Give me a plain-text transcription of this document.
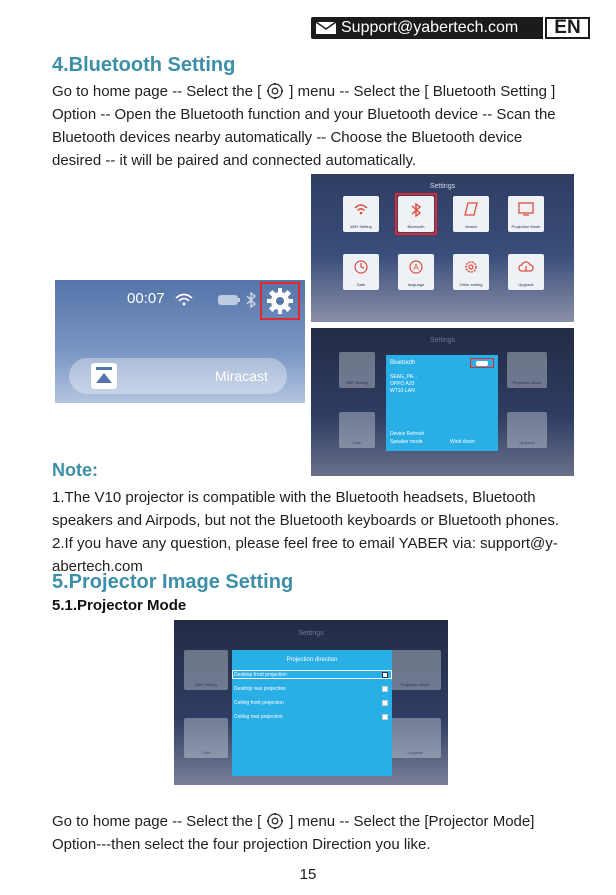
Support@yabertech.com	EN
4.Bluetooth Setting
Go to home page -- Select the [ ] menu -- Select the [ Bluetooth Setting ]
Option -- Open the Bluetooth function and your Bluetooth device -- Scan the
Bluetooth devices nearby automatically -- Choose the Bluetooth device
desired -- it will be paired and connected automatically.
Settings
WiFi Setting	Bluetooth	Jection	Projection Mode
Date
A
language	Other setting	Upgrade
00:07
Miracast
Settings
WiFi Setting	Projection Mode
Date	Upgrade
Bluetooth
SEAG_PA...
OPPO A33
WT10-LAN
Device Refresh
Speaker mode	Wind down
Note:
1.The V10 projector is compatible with the Bluetooth headsets, Bluetooth
speakers and Airpods, but not the Bluetooth keyboards or Bluetooth phones.
2.If you have any question, please feel free to email YABER via: support@y-
abertech.com
5.Projector Image Setting
5.1.Projector Mode
Settings
WiFi Setting	Projection Mode
Date	Upgrade
Projection direction
Desktop front projection
Desktop rear projection
Ceiling front projection
Ceiling rear projection
Go to home page -- Select the [ ] menu -- Select the [Projector Mode]
Option---then select the four projection Direction you like.
15
